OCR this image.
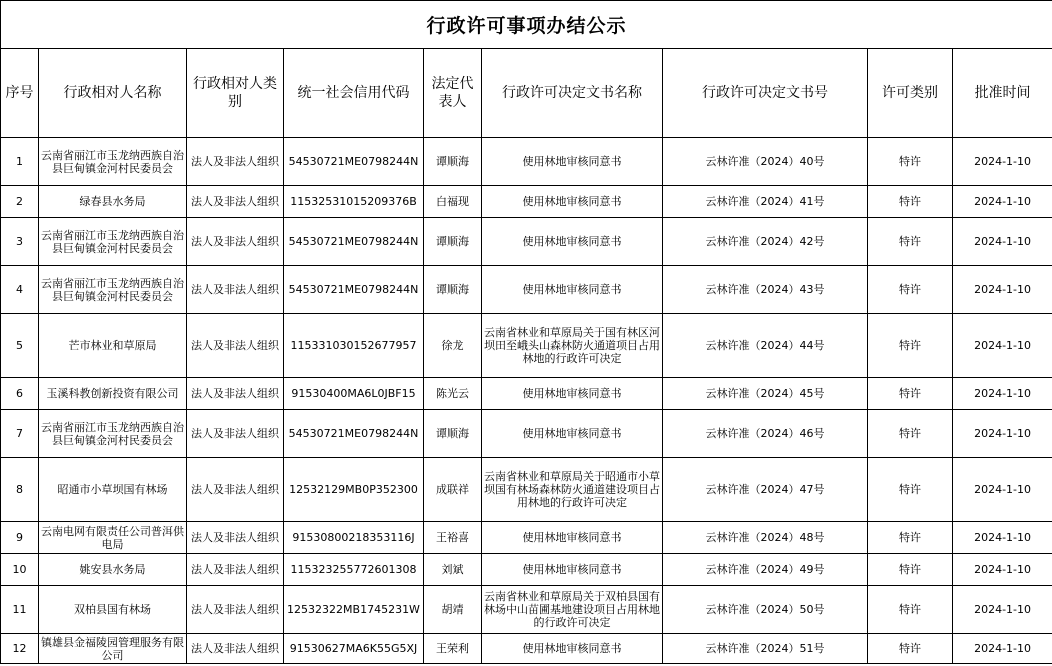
行政许可事项办结公示								
序号	行政相对人名称	行政相对人类别	统一社会信用代码	法定代表人	行政许可决定文书名称	行政许可决定文书号	许可类别	批准时间
1	云南省丽江市玉龙纳西族自治县巨甸镇金河村民委员会	法人及非法人组织	54530721ME0798244N	谭顺海	使用林地审核同意书	云林许准（2024）40号	特许	2024-1-10
2	绿春县水务局	法人及非法人组织	11532531015209376B	白福现	使用林地审核同意书	云林许准（2024）41号	特许	2024-1-10
3	云南省丽江市玉龙纳西族自治县巨甸镇金河村民委员会	法人及非法人组织	54530721ME0798244N	谭顺海	使用林地审核同意书	云林许准（2024）42号	特许	2024-1-10
4	云南省丽江市玉龙纳西族自治县巨甸镇金河村民委员会	法人及非法人组织	54530721ME0798244N	谭顺海	使用林地审核同意书	云林许准（2024）43号	特许	2024-1-10
5	芒市林业和草原局	法人及非法人组织	115331030152677957	徐龙	云南省林业和草原局关于国有林区河坝田至峨头山森林防火通道项目占用林地的行政许可决定	云林许准（2024）44号	特许	2024-1-10
6	玉溪科教创新投资有限公司	法人及非法人组织	91530400MA6L0JBF15	陈光云	使用林地审核同意书	云林许准（2024）45号	特许	2024-1-10
7	云南省丽江市玉龙纳西族自治县巨甸镇金河村民委员会	法人及非法人组织	54530721ME0798244N	谭顺海	使用林地审核同意书	云林许准（2024）46号	特许	2024-1-10
8	昭通市小草坝国有林场	法人及非法人组织	12532129MB0P352300	成联祥	云南省林业和草原局关于昭通市小草坝国有林场森林防火通道建设项目占用林地的行政许可决定	云林许准（2024）47号	特许	2024-1-10
9	云南电网有限责任公司普洱供电局	法人及非法人组织	91530800218353116J	王裕喜	使用林地审核同意书	云林许准（2024）48号	特许	2024-1-10
10	姚安县水务局	法人及非法人组织	115323255772601308	刘斌	使用林地审核同意书	云林许准（2024）49号	特许	2024-1-10
11	双柏县国有林场	法人及非法人组织	12532322MB1745231W	胡靖	云南省林业和草原局关于双柏县国有林场中山苗圃基地建设项目占用林地的行政许可决定	云林许准（2024）50号	特许	2024-1-10
12	镇雄县金福陵园管理服务有限公司	法人及非法人组织	91530627MA6K55G5XJ	王荣利	使用林地审核同意书	云林许准（2024）51号	特许	2024-1-10
